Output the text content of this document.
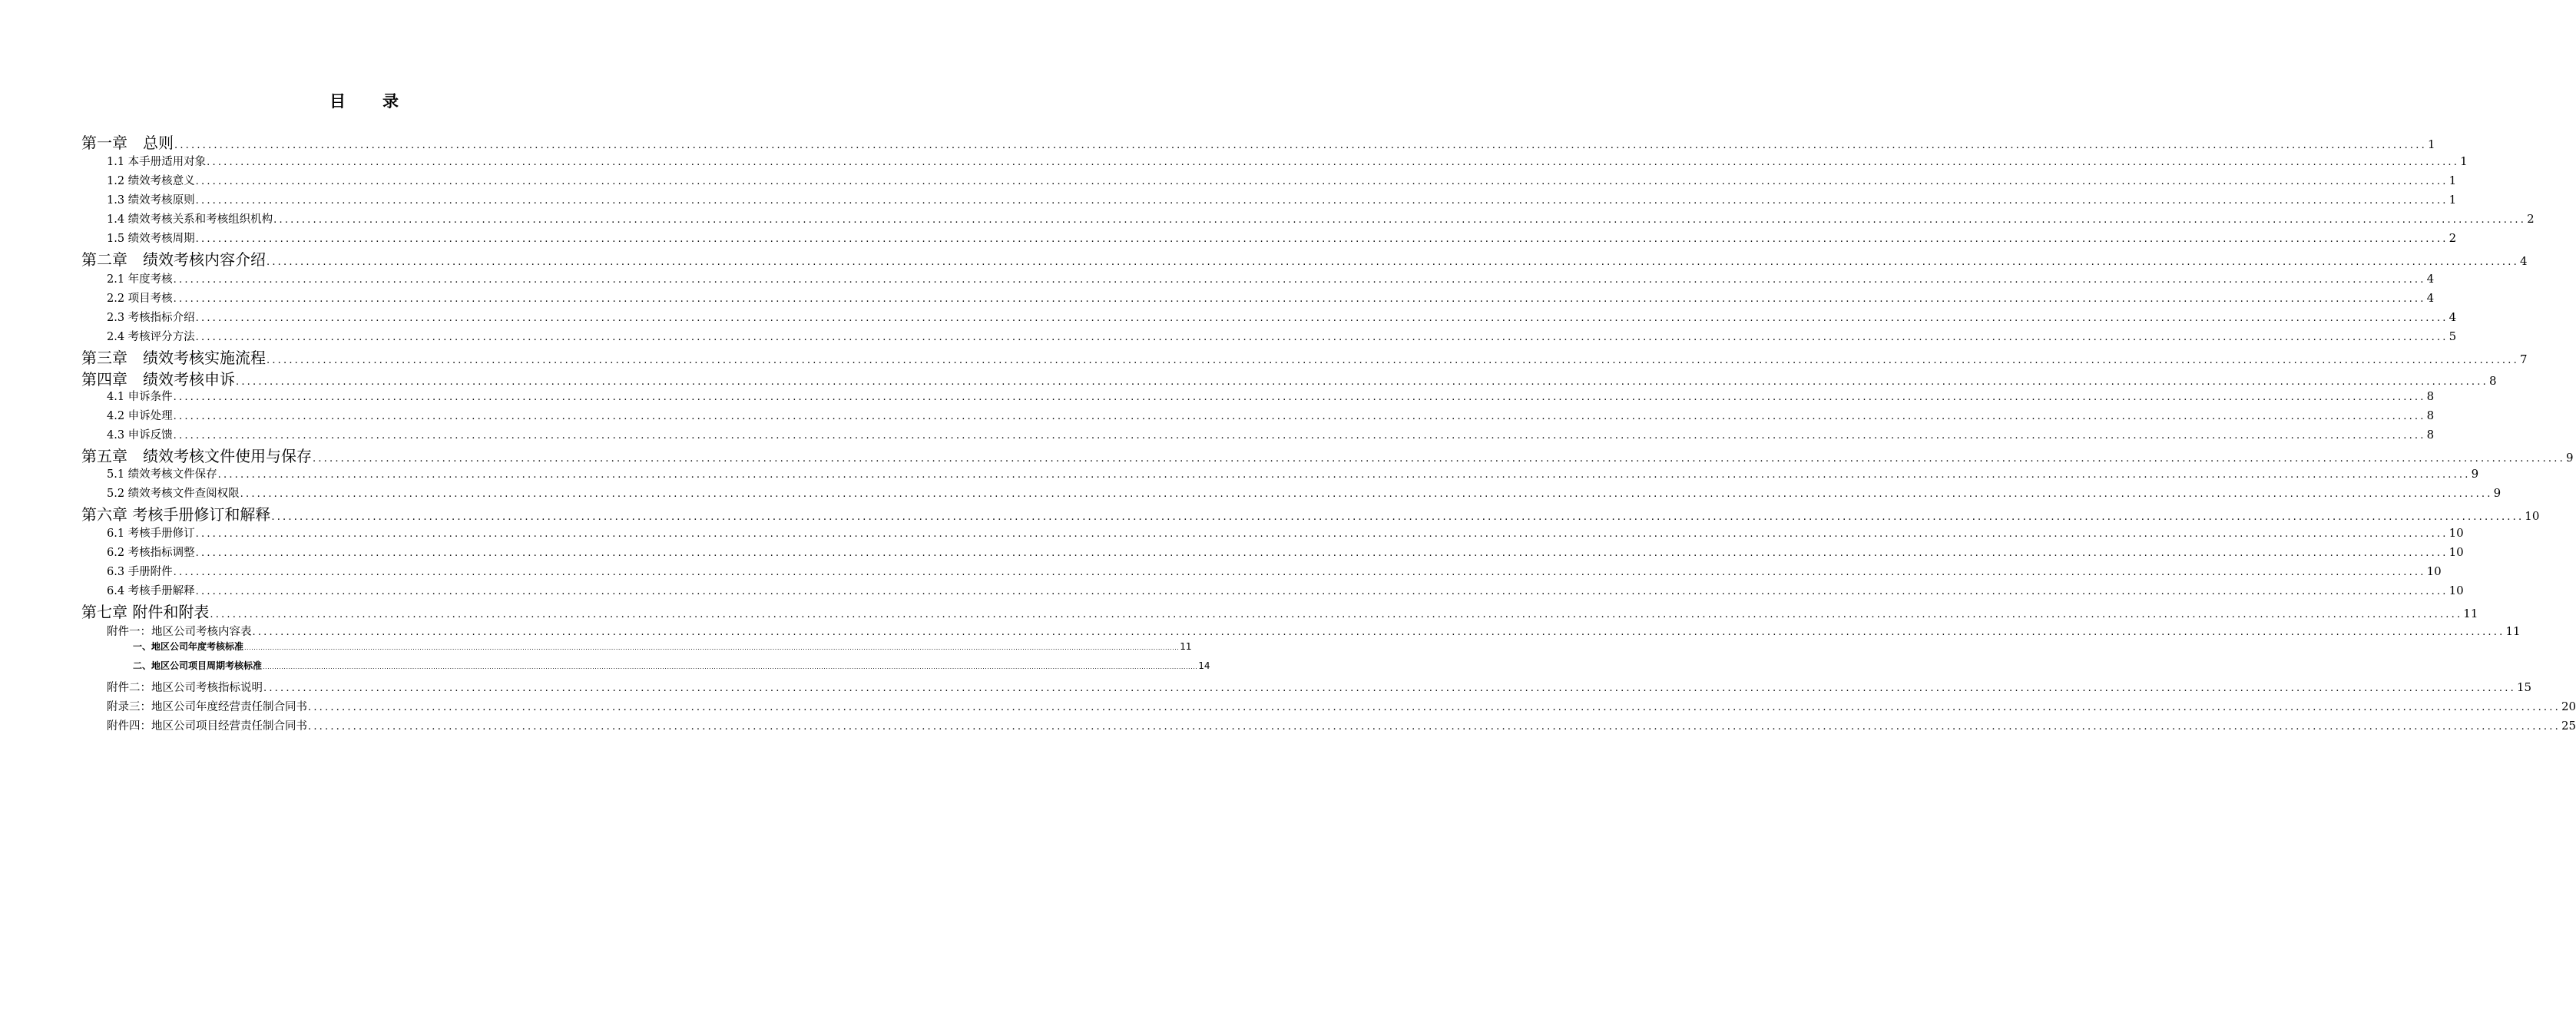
目 录
第一章　总则 ................................................................................................................................................................................................................................................................................................................................................................................................................ 1
1.1 本手册适用对象 ................................................................................................................................................................................................................................................................................................................................................................................................................ 1
1.2 绩效考核意义 ................................................................................................................................................................................................................................................................................................................................................................................................................ 1
1.3 绩效考核原则 ................................................................................................................................................................................................................................................................................................................................................................................................................ 1
1.4 绩效考核关系和考核组织机构 ................................................................................................................................................................................................................................................................................................................................................................................................................ 2
1.5 绩效考核周期 ................................................................................................................................................................................................................................................................................................................................................................................................................ 2
第二章　绩效考核内容介绍 ................................................................................................................................................................................................................................................................................................................................................................................................................ 4
2.1 年度考核 ................................................................................................................................................................................................................................................................................................................................................................................................................ 4
2.2 项目考核 ................................................................................................................................................................................................................................................................................................................................................................................................................ 4
2.3 考核指标介绍 ................................................................................................................................................................................................................................................................................................................................................................................................................ 4
2.4 考核评分方法 ................................................................................................................................................................................................................................................................................................................................................................................................................ 5
第三章　绩效考核实施流程 ................................................................................................................................................................................................................................................................................................................................................................................................................ 7
第四章　绩效考核申诉 ................................................................................................................................................................................................................................................................................................................................................................................................................ 8
4.1 申诉条件 ................................................................................................................................................................................................................................................................................................................................................................................................................ 8
4.2 申诉处理 ................................................................................................................................................................................................................................................................................................................................................................................................................ 8
4.3 申诉反馈 ................................................................................................................................................................................................................................................................................................................................................................................................................ 8
第五章　绩效考核文件使用与保存 ................................................................................................................................................................................................................................................................................................................................................................................................................ 9
5.1 绩效考核文件保存 ................................................................................................................................................................................................................................................................................................................................................................................................................ 9
5.2 绩效考核文件查阅权限 ................................................................................................................................................................................................................................................................................................................................................................................................................ 9
第六章 考核手册修订和解释 ................................................................................................................................................................................................................................................................................................................................................................................................................ 10
6.1 考核手册修订 ................................................................................................................................................................................................................................................................................................................................................................................................................ 10
6.2 考核指标调整 ................................................................................................................................................................................................................................................................................................................................................................................................................ 10
6.3 手册附件 ................................................................................................................................................................................................................................................................................................................................................................................................................ 10
6.4 考核手册解释 ................................................................................................................................................................................................................................................................................................................................................................................................................ 10
第七章 附件和附表 ................................................................................................................................................................................................................................................................................................................................................................................................................ 11
附件一：地区公司考核内容表 ................................................................................................................................................................................................................................................................................................................................................................................................................ 11
一、地区公司年度考核标准 ................................................................................................................................................................................................................................................................................................................................................................................................................ 11
二、地区公司项目周期考核标准 ................................................................................................................................................................................................................................................................................................................................................................................................................ 14
附件二：地区公司考核指标说明 ................................................................................................................................................................................................................................................................................................................................................................................................................ 15
附录三：地区公司年度经营责任制合同书 ................................................................................................................................................................................................................................................................................................................................................................................................................ 20
附件四：地区公司项目经营责任制合同书 ................................................................................................................................................................................................................................................................................................................................................................................................................ 25
